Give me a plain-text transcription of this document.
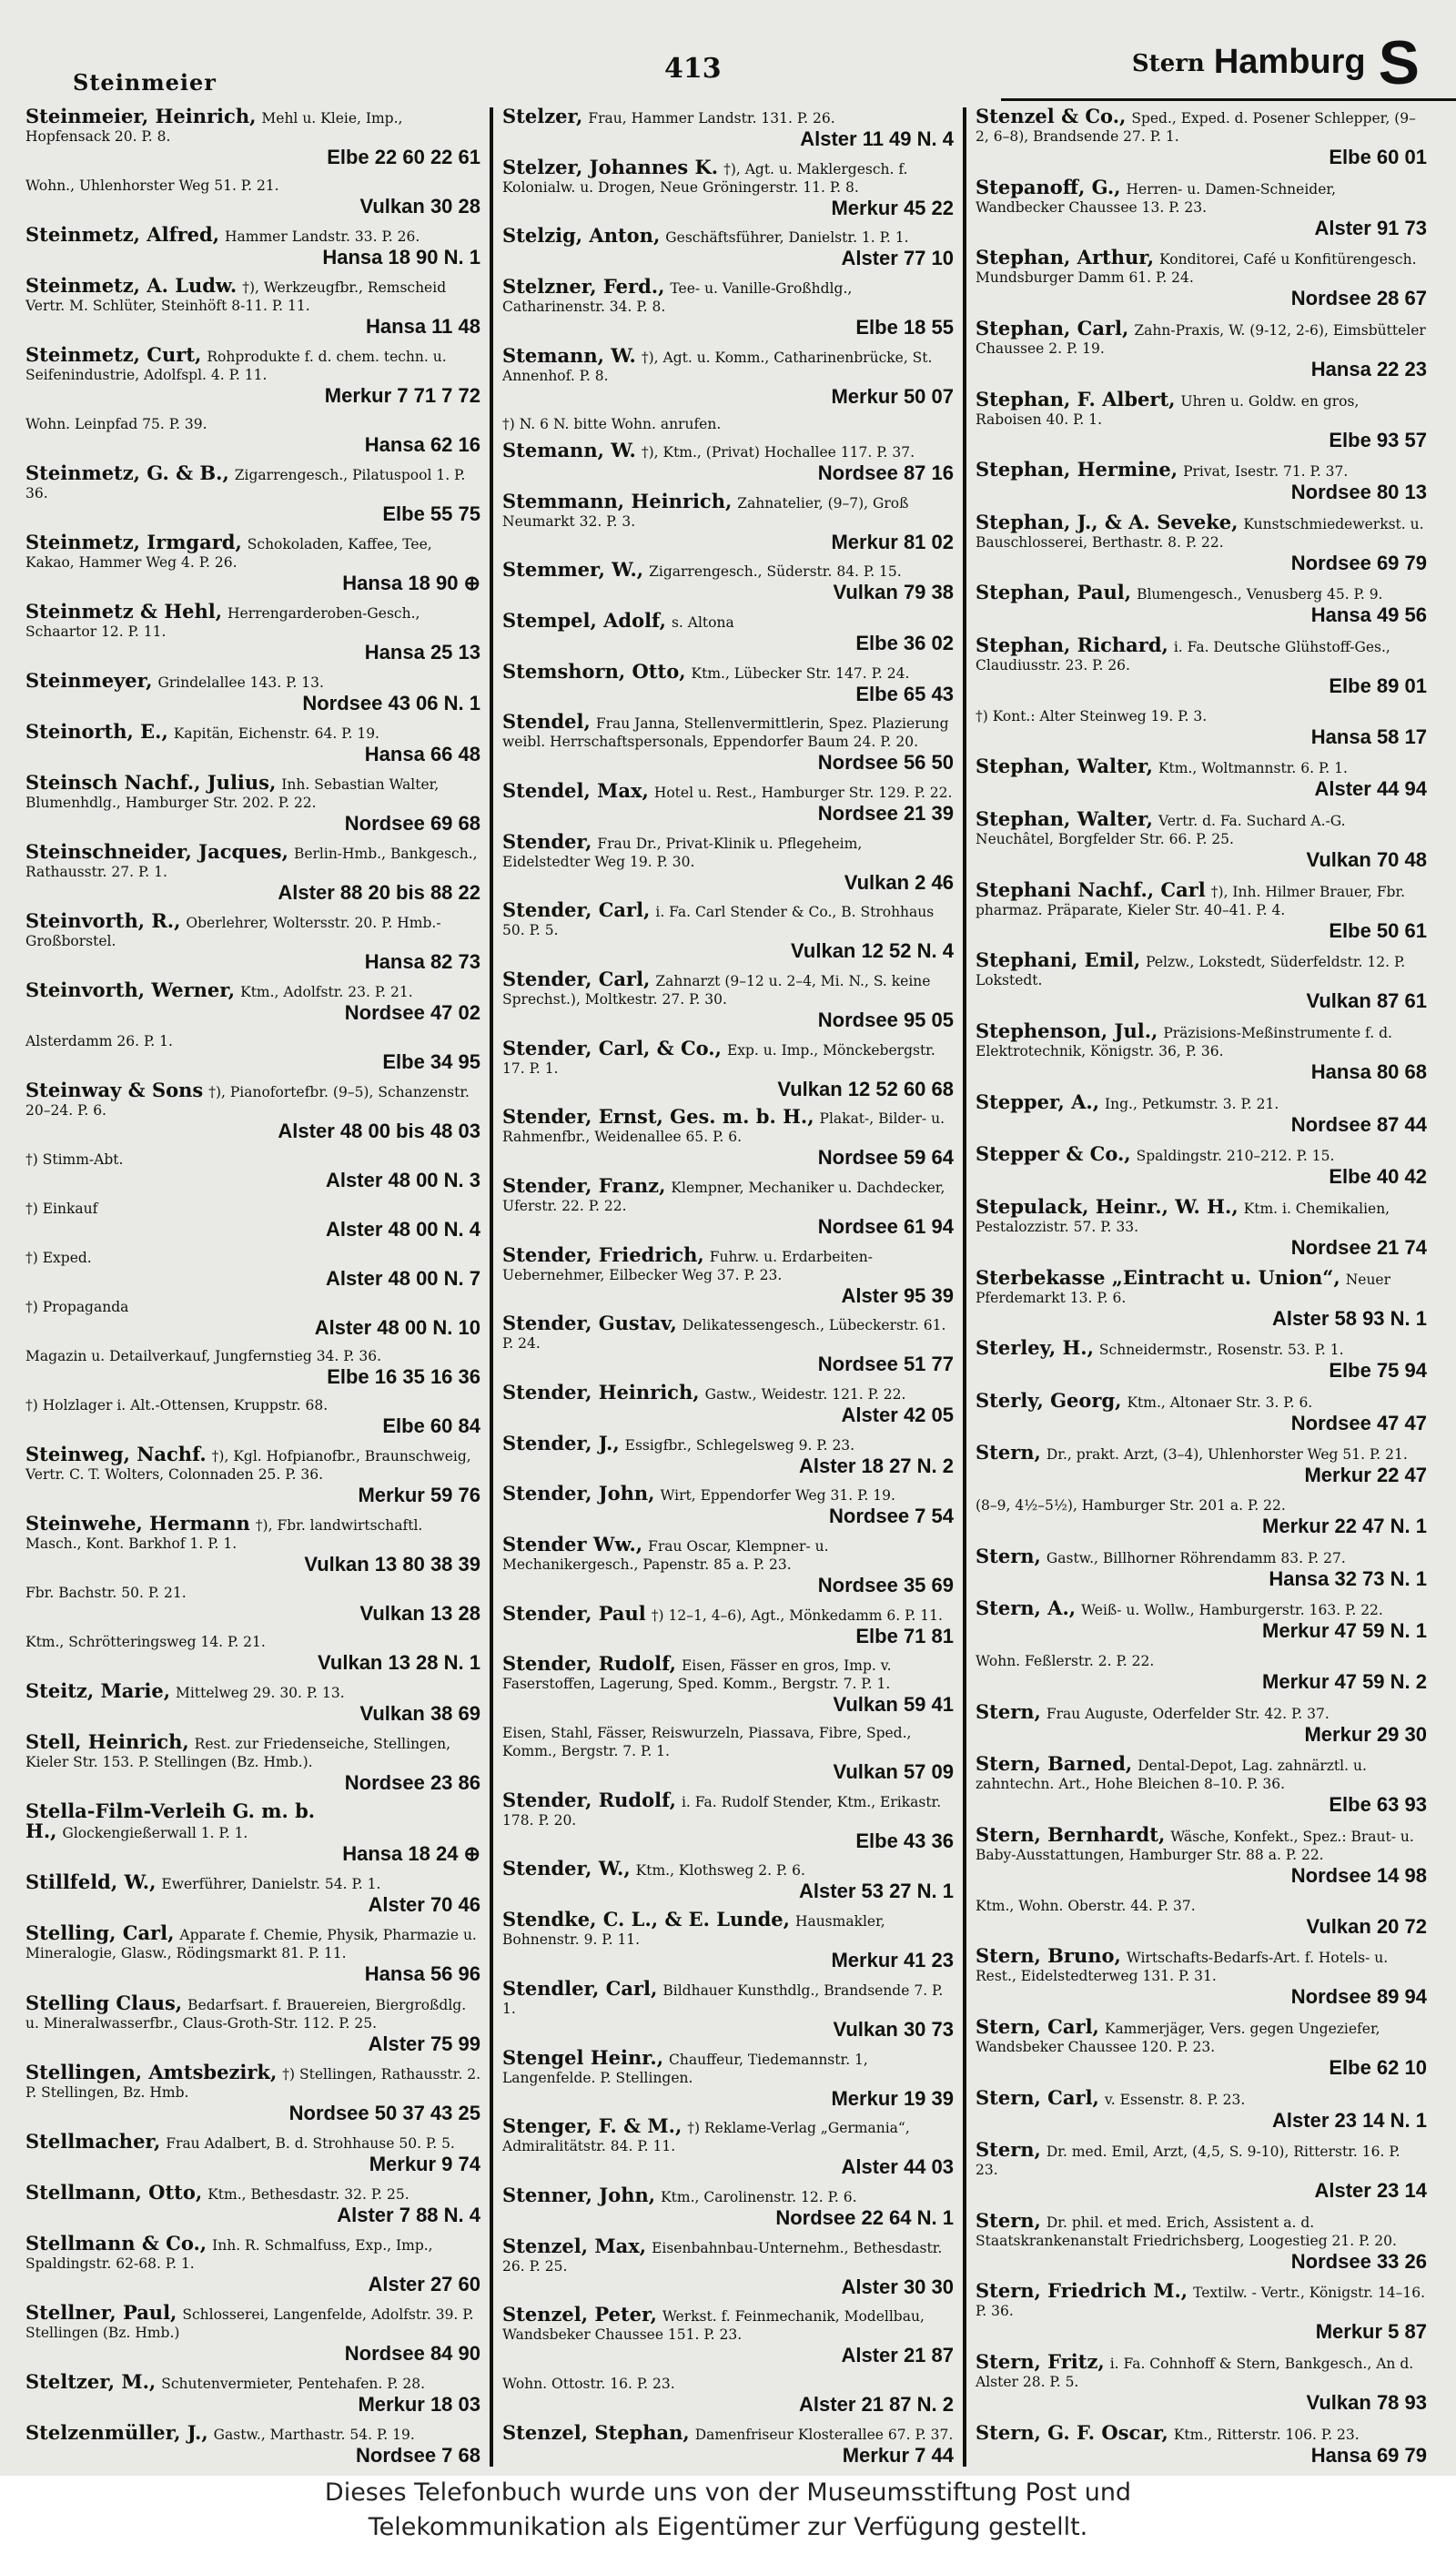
Steinmeier	413	Stern Hamburg S
Steinmeier, Heinrich, Mehl u. Kleie, Imp., Hopfensack 20. P. 8.
Elbe 22 60 22 61
Wohn., Uhlenhorster Weg 51. P. 21.
Vulkan 30 28
Steinmetz, Alfred, Hammer Landstr. 33. P. 26.
Hansa 18 90 N. 1
Steinmetz, A. Ludw. †), Werkzeugfbr., Remscheid Vertr. M. Schlüter, Steinhöft 8-11. P. 11.
Hansa 11 48
Steinmetz, Curt, Rohprodukte f. d. chem. techn. u. Seifenindustrie, Adolfspl. 4. P. 11.
Merkur 7 71 7 72
Wohn. Leinpfad 75. P. 39.
Hansa 62 16
Steinmetz, G. & B., Zigarrengesch., Pilatuspool 1. P. 36.
Elbe 55 75
Steinmetz, Irmgard, Schokoladen, Kaffee, Tee, Kakao, Hammer Weg 4. P. 26.
Hansa 18 90 ⊕
Steinmetz & Hehl, Herrengarderoben-Gesch., Schaartor 12. P. 11.
Hansa 25 13
Steinmeyer, Grindelallee 143. P. 13.
Nordsee 43 06 N. 1
Steinorth, E., Kapitän, Eichenstr. 64. P. 19.
Hansa 66 48
Steinsch Nachf., Julius, Inh. Sebastian Walter, Blumenhdlg., Hamburger Str. 202. P. 22.
Nordsee 69 68
Steinschneider, Jacques, Berlin-Hmb., Bankgesch., Rathausstr. 27. P. 1.
Alster 88 20 bis 88 22
Steinvorth, R., Oberlehrer, Woltersstr. 20. P. Hmb.-Großborstel.
Hansa 82 73
Steinvorth, Werner, Ktm., Adolfstr. 23. P. 21.
Nordsee 47 02
Alsterdamm 26. P. 1.
Elbe 34 95
Steinway & Sons †), Pianofortefbr. (9–5), Schanzenstr. 20–24. P. 6.
Alster 48 00 bis 48 03
†) Stimm-Abt.
Alster 48 00 N. 3
†) Einkauf
Alster 48 00 N. 4
†) Exped.
Alster 48 00 N. 7
†) Propaganda
Alster 48 00 N. 10
Magazin u. Detailverkauf, Jungfernstieg 34. P. 36.
Elbe 16 35 16 36
†) Holzlager i. Alt.-Ottensen, Kruppstr. 68.
Elbe 60 84
Steinweg, Nachf. †), Kgl. Hofpianofbr., Braunschweig, Vertr. C. T. Wolters, Colonnaden 25. P. 36.
Merkur 59 76
Steinwehe, Hermann †), Fbr. landwirtschaftl. Masch., Kont. Barkhof 1. P. 1.
Vulkan 13 80 38 39
Fbr. Bachstr. 50. P. 21.
Vulkan 13 28
Ktm., Schrötteringsweg 14. P. 21.
Vulkan 13 28 N. 1
Steitz, Marie, Mittelweg 29. 30. P. 13.
Vulkan 38 69
Stell, Heinrich, Rest. zur Friedenseiche, Stellingen, Kieler Str. 153. P. Stellingen (Bz. Hmb.).
Nordsee 23 86
Stella-Film-Verleih G. m. b. H., Glockengießerwall 1. P. 1.
Hansa 18 24 ⊕
Stillfeld, W., Ewerführer, Danielstr. 54. P. 1.
Alster 70 46
Stelling, Carl, Apparate f. Chemie, Physik, Pharmazie u. Mineralogie, Glasw., Rödingsmarkt 81. P. 11.
Hansa 56 96
Stelling Claus, Bedarfsart. f. Brauereien, Biergroßdlg. u. Mineralwasserfbr., Claus-Groth-Str. 112. P. 25.
Alster 75 99
Stellingen, Amtsbezirk, †) Stellingen, Rathausstr. 2. P. Stellingen, Bz. Hmb.
Nordsee 50 37 43 25
Stellmacher, Frau Adalbert, B. d. Strohhause 50. P. 5.
Merkur 9 74
Stellmann, Otto, Ktm., Bethesdastr. 32. P. 25.
Alster 7 88 N. 4
Stellmann & Co., Inh. R. Schmalfuss, Exp., Imp., Spaldingstr. 62-68. P. 1.
Alster 27 60
Stellner, Paul, Schlosserei, Langenfelde, Adolfstr. 39. P. Stellingen (Bz. Hmb.)
Nordsee 84 90
Steltzer, M., Schutenvermieter, Pentehafen. P. 28.
Merkur 18 03
Stelzenmüller, J., Gastw., Marthastr. 54. P. 19.
Nordsee 7 68
Stelzer, Frau, Hammer Landstr. 131. P. 26.
Alster 11 49 N. 4
Stelzer, Johannes K. †), Agt. u. Maklergesch. f. Kolonialw. u. Drogen, Neue Gröningerstr. 11. P. 8.
Merkur 45 22
Stelzig, Anton, Geschäftsführer, Danielstr. 1. P. 1.
Alster 77 10
Stelzner, Ferd., Tee- u. Vanille-Großhdlg., Catharinenstr. 34. P. 8.
Elbe 18 55
Stemann, W. †), Agt. u. Komm., Catharinenbrücke, St. Annenhof. P. 8.
Merkur 50 07
†) N. 6 N. bitte Wohn. anrufen.
Stemann, W. †), Ktm., (Privat) Hochallee 117. P. 37.
Nordsee 87 16
Stemmann, Heinrich, Zahnatelier, (9–7), Groß Neumarkt 32. P. 3.
Merkur 81 02
Stemmer, W., Zigarrengesch., Süderstr. 84. P. 15.
Vulkan 79 38
Stempel, Adolf, s. Altona
Elbe 36 02
Stemshorn, Otto, Ktm., Lübecker Str. 147. P. 24.
Elbe 65 43
Stendel, Frau Janna, Stellenvermittlerin, Spez. Plazierung weibl. Herrschaftspersonals, Eppendorfer Baum 24. P. 20.
Nordsee 56 50
Stendel, Max, Hotel u. Rest., Hamburger Str. 129. P. 22.
Nordsee 21 39
Stender, Frau Dr., Privat-Klinik u. Pflegeheim, Eidelstedter Weg 19. P. 30.
Vulkan 2 46
Stender, Carl, i. Fa. Carl Stender & Co., B. Strohhaus 50. P. 5.
Vulkan 12 52 N. 4
Stender, Carl, Zahnarzt (9–12 u. 2–4, Mi. N., S. keine Sprechst.), Moltkestr. 27. P. 30.
Nordsee 95 05
Stender, Carl, & Co., Exp. u. Imp., Mönckebergstr. 17. P. 1.
Vulkan 12 52 60 68
Stender, Ernst, Ges. m. b. H., Plakat-, Bilder- u. Rahmenfbr., Weidenallee 65. P. 6.
Nordsee 59 64
Stender, Franz, Klempner, Mechaniker u. Dachdecker, Uferstr. 22. P. 22.
Nordsee 61 94
Stender, Friedrich, Fuhrw. u. Erdarbeiten-Uebernehmer, Eilbecker Weg 37. P. 23.
Alster 95 39
Stender, Gustav, Delikatessengesch., Lübeckerstr. 61. P. 24.
Nordsee 51 77
Stender, Heinrich, Gastw., Weidestr. 121. P. 22.
Alster 42 05
Stender, J., Essigfbr., Schlegelsweg 9. P. 23.
Alster 18 27 N. 2
Stender, John, Wirt, Eppendorfer Weg 31. P. 19.
Nordsee 7 54
Stender Ww., Frau Oscar, Klempner- u. Mechanikergesch., Papenstr. 85 a. P. 23.
Nordsee 35 69
Stender, Paul †) 12–1, 4–6), Agt., Mönkedamm 6. P. 11.
Elbe 71 81
Stender, Rudolf, Eisen, Fässer en gros, Imp. v. Faserstoffen, Lagerung, Sped. Komm., Bergstr. 7. P. 1.
Vulkan 59 41
Eisen, Stahl, Fässer, Reiswurzeln, Piassava, Fibre, Sped., Komm., Bergstr. 7. P. 1.
Vulkan 57 09
Stender, Rudolf, i. Fa. Rudolf Stender, Ktm., Erikastr. 178. P. 20.
Elbe 43 36
Stender, W., Ktm., Klothsweg 2. P. 6.
Alster 53 27 N. 1
Stendke, C. L., & E. Lunde, Hausmakler, Bohnenstr. 9. P. 11.
Merkur 41 23
Stendler, Carl, Bildhauer Kunsthdlg., Brandsende 7. P. 1.
Vulkan 30 73
Stengel Heinr., Chauffeur, Tiedemannstr. 1, Langenfelde. P. Stellingen.
Merkur 19 39
Stenger, F. & M., †) Reklame-Verlag „Germania“, Admiralitätstr. 84. P. 11.
Alster 44 03
Stenner, John, Ktm., Carolinenstr. 12. P. 6.
Nordsee 22 64 N. 1
Stenzel, Max, Eisenbahnbau-Unternehm., Bethesdastr. 26. P. 25.
Alster 30 30
Stenzel, Peter, Werkst. f. Feinmechanik, Modellbau, Wandsbeker Chaussee 151. P. 23.
Alster 21 87
Wohn. Ottostr. 16. P. 23.
Alster 21 87 N. 2
Stenzel, Stephan, Damenfriseur Klosterallee 67. P. 37.
Merkur 7 44
Stenzel & Co., Sped., Exped. d. Posener Schlepper, (9–2, 6–8), Brandsende 27. P. 1.
Elbe 60 01
Stepanoff, G., Herren- u. Damen-Schneider, Wandbecker Chaussee 13. P. 23.
Alster 91 73
Stephan, Arthur, Konditorei, Café u Konfitürengesch. Mundsburger Damm 61. P. 24.
Nordsee 28 67
Stephan, Carl, Zahn-Praxis, W. (9-12, 2-6), Eimsbütteler Chaussee 2. P. 19.
Hansa 22 23
Stephan, F. Albert, Uhren u. Goldw. en gros, Raboisen 40. P. 1.
Elbe 93 57
Stephan, Hermine, Privat, Isestr. 71. P. 37.
Nordsee 80 13
Stephan, J., & A. Seveke, Kunstschmiedewerkst. u. Bauschlosserei, Berthastr. 8. P. 22.
Nordsee 69 79
Stephan, Paul, Blumengesch., Venusberg 45. P. 9.
Hansa 49 56
Stephan, Richard, i. Fa. Deutsche Glühstoff-Ges., Claudiusstr. 23. P. 26.
Elbe 89 01
†) Kont.: Alter Steinweg 19. P. 3.
Hansa 58 17
Stephan, Walter, Ktm., Woltmannstr. 6. P. 1.
Alster 44 94
Stephan, Walter, Vertr. d. Fa. Suchard A.-G. Neuchâtel, Borgfelder Str. 66. P. 25.
Vulkan 70 48
Stephani Nachf., Carl †), Inh. Hilmer Brauer, Fbr. pharmaz. Präparate, Kieler Str. 40–41. P. 4.
Elbe 50 61
Stephani, Emil, Pelzw., Lokstedt, Süderfeldstr. 12. P. Lokstedt.
Vulkan 87 61
Stephenson, Jul., Präzisions-Meßinstrumente f. d. Elektrotechnik, Königstr. 36, P. 36.
Hansa 80 68
Stepper, A., Ing., Petkumstr. 3. P. 21.
Nordsee 87 44
Stepper & Co., Spaldingstr. 210–212. P. 15.
Elbe 40 42
Stepulack, Heinr., W. H., Ktm. i. Chemikalien, Pestalozzistr. 57. P. 33.
Nordsee 21 74
Sterbekasse „Eintracht u. Union“, Neuer Pferdemarkt 13. P. 6.
Alster 58 93 N. 1
Sterley, H., Schneidermstr., Rosenstr. 53. P. 1.
Elbe 75 94
Sterly, Georg, Ktm., Altonaer Str. 3. P. 6.
Nordsee 47 47
Stern, Dr., prakt. Arzt, (3–4), Uhlenhorster Weg 51. P. 21.
Merkur 22 47
(8–9, 4½–5½), Hamburger Str. 201 a. P. 22.
Merkur 22 47 N. 1
Stern, Gastw., Billhorner Röhrendamm 83. P. 27.
Hansa 32 73 N. 1
Stern, A., Weiß- u. Wollw., Hamburgerstr. 163. P. 22.
Merkur 47 59 N. 1
Wohn. Feßlerstr. 2. P. 22.
Merkur 47 59 N. 2
Stern, Frau Auguste, Oderfelder Str. 42. P. 37.
Merkur 29 30
Stern, Barned, Dental-Depot, Lag. zahnärztl. u. zahntechn. Art., Hohe Bleichen 8–10. P. 36.
Elbe 63 93
Stern, Bernhardt, Wäsche, Konfekt., Spez.: Braut- u. Baby-Ausstattungen, Hamburger Str. 88 a. P. 22.
Nordsee 14 98
Ktm., Wohn. Oberstr. 44. P. 37.
Vulkan 20 72
Stern, Bruno, Wirtschafts-Bedarfs-Art. f. Hotels- u. Rest., Eidelstedterweg 131. P. 31.
Nordsee 89 94
Stern, Carl, Kammerjäger, Vers. gegen Ungeziefer, Wandsbeker Chaussee 120. P. 23.
Elbe 62 10
Stern, Carl, v. Essenstr. 8. P. 23.
Alster 23 14 N. 1
Stern, Dr. med. Emil, Arzt, (4,5, S. 9-10), Ritterstr. 16. P. 23.
Alster 23 14
Stern, Dr. phil. et med. Erich, Assistent a. d. Staatskrankenanstalt Friedrichsberg, Loogestieg 21. P. 20.
Nordsee 33 26
Stern, Friedrich M., Textilw. - Vertr., Königstr. 14–16. P. 36.
Merkur 5 87
Stern, Fritz, i. Fa. Cohnhoff & Stern, Bankgesch., An d. Alster 28. P. 5.
Vulkan 78 93
Stern, G. F. Oscar, Ktm., Ritterstr. 106. P. 23.
Hansa 69 79
Dieses Telefonbuch wurde uns von der Museumsstiftung Post und
Telekommunikation als Eigentümer zur Verfügung gestellt.
